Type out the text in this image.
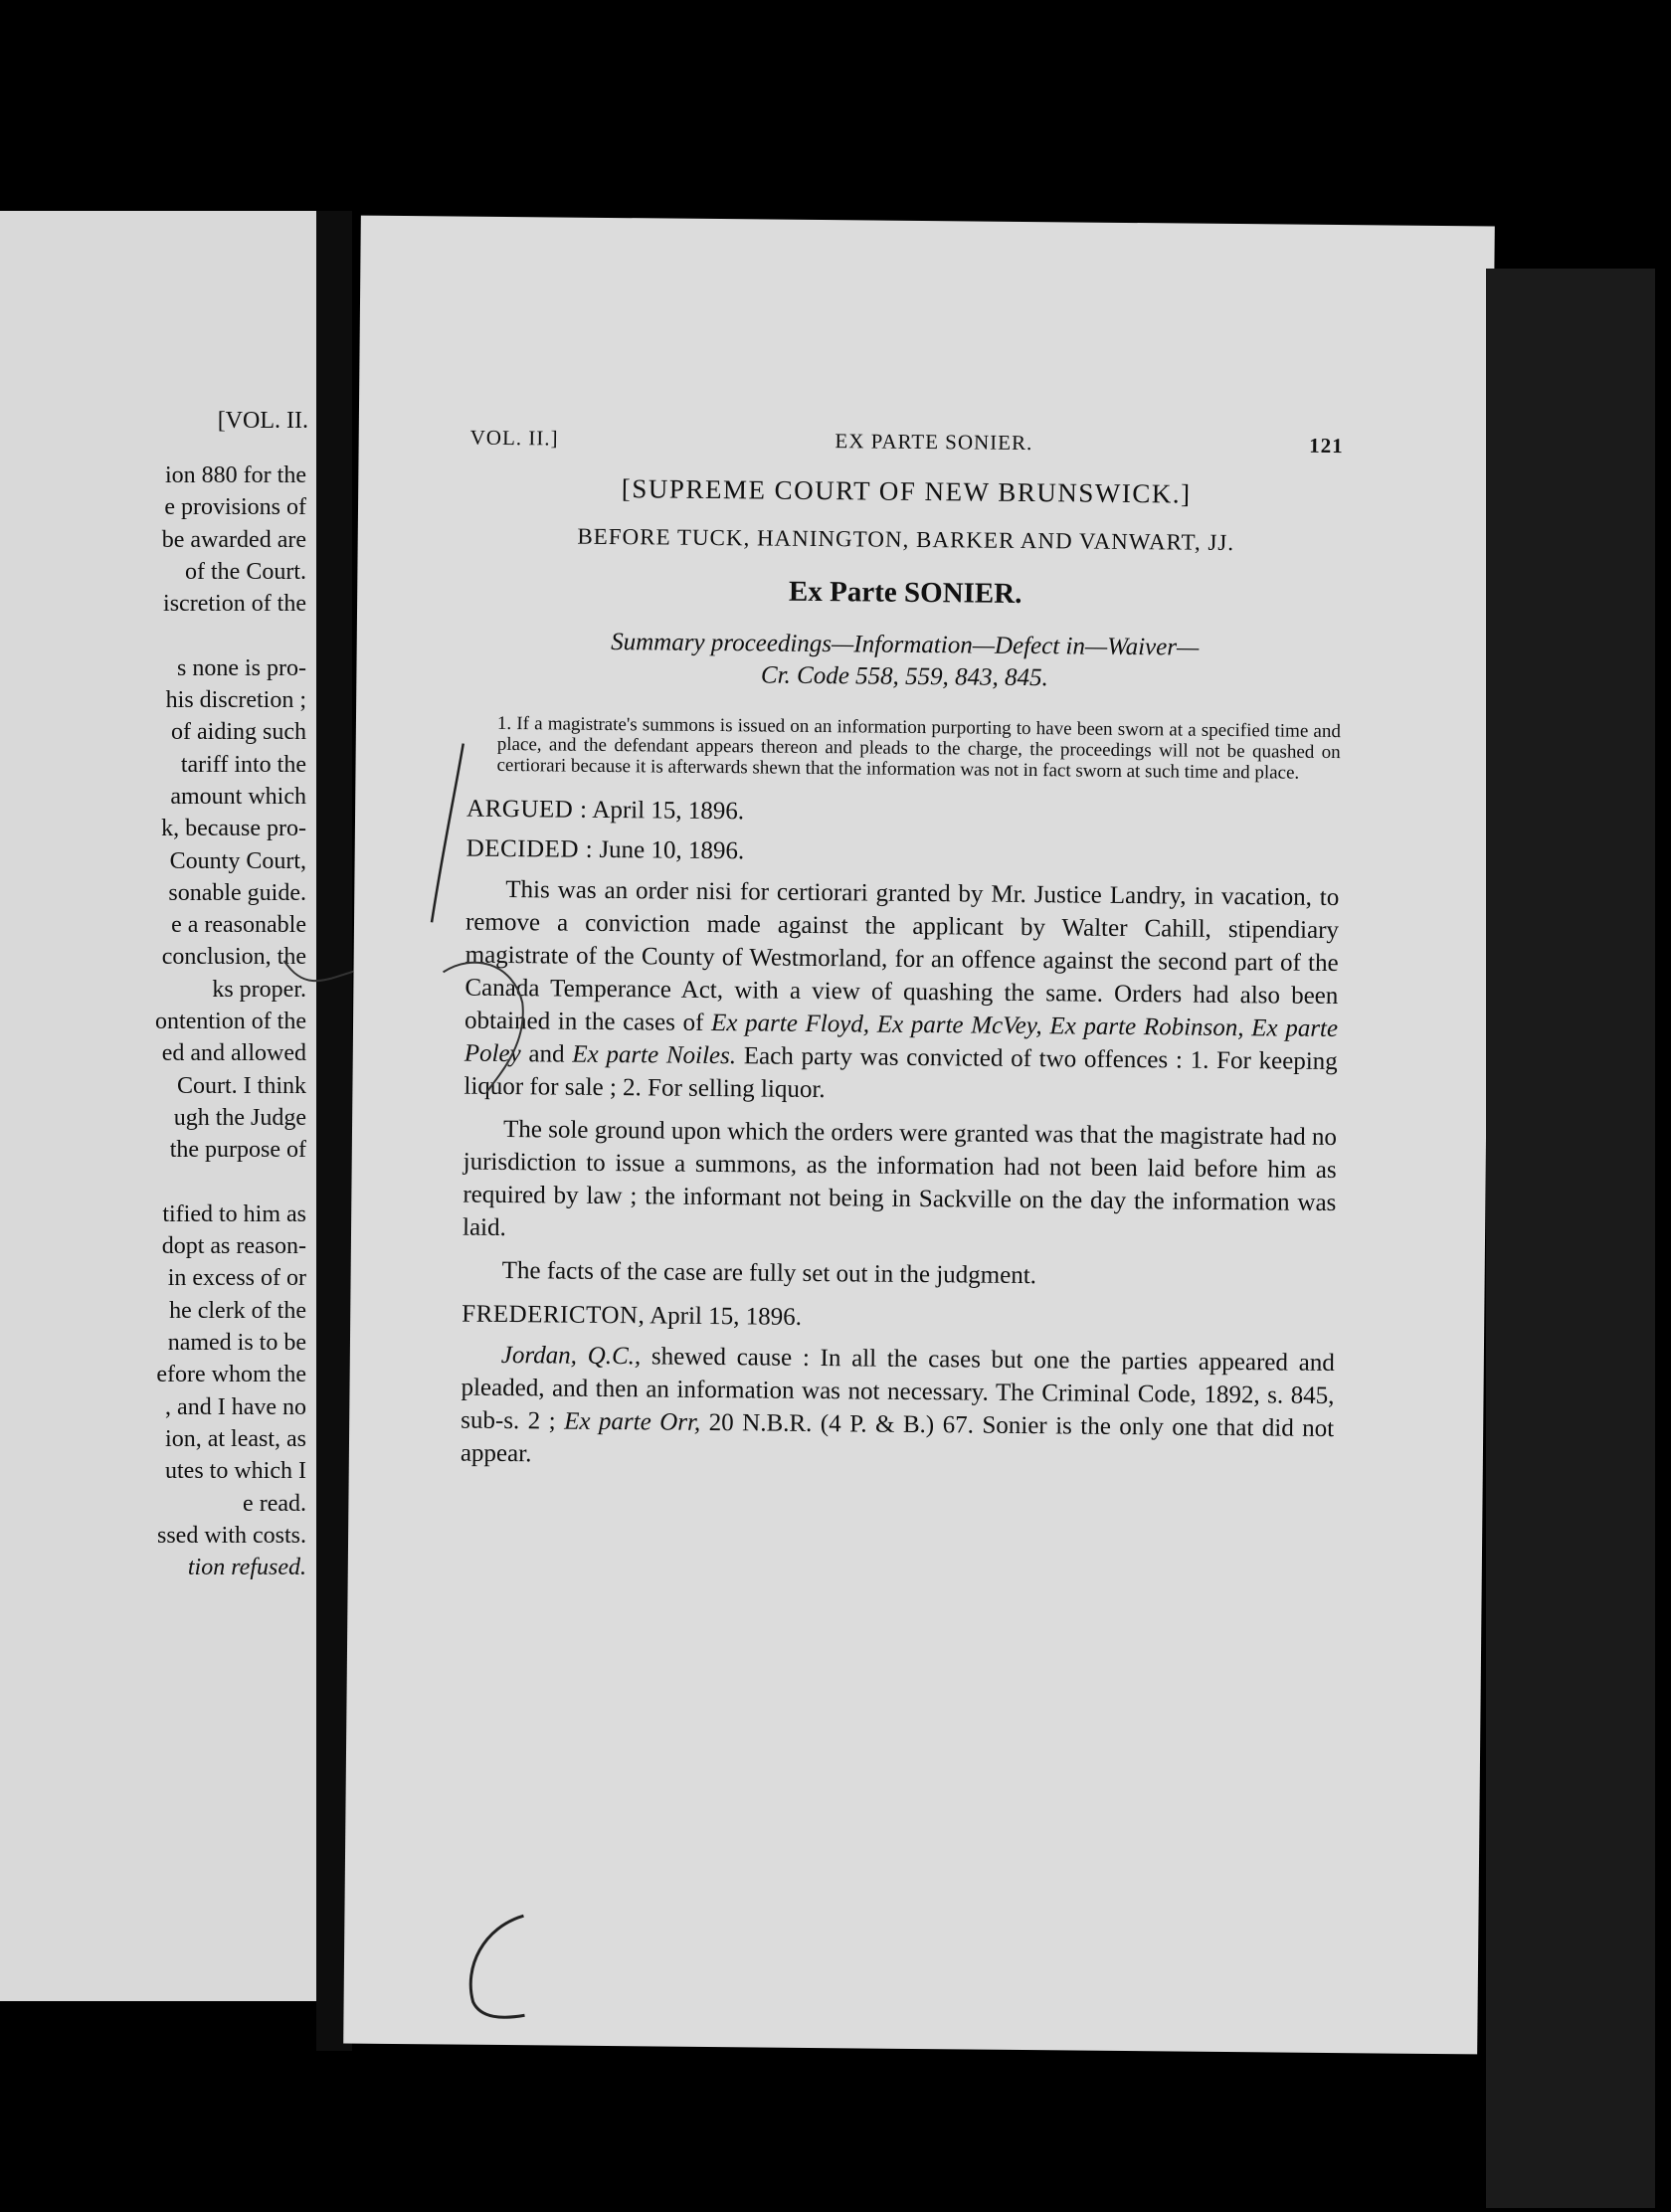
[VOL. II.
ion 880 for the
e provisions of
be awarded are
of the Court.
iscretion of the

s none is pro-
his discretion ;
of aiding such
tariff into the
amount which
k, because pro-
County Court,
sonable guide.
e a reasonable
conclusion, the
ks proper.
ontention of the
ed and allowed
Court. I think
ugh the Judge
the purpose of

tified to him as
dopt as reason-
in excess of or
he clerk of the
named is to be
efore whom the
, and I have no
ion, at least, as
utes to which I
e read.
ssed with costs.
tion refused.
VOL. II.]	EX PARTE SONIER.	121
[SUPREME COURT OF NEW BRUNSWICK.]
BEFORE TUCK, HANINGTON, BARKER AND VANWART, JJ.
Ex Parte SONIER.
Summary proceedings—Information—Defect in—Waiver—
Cr. Code 558, 559, 843, 845.
1. If a magistrate's summons is issued on an information purporting to have been sworn at a specified time and place, and the defendant appears thereon and pleads to the charge, the proceedings will not be quashed on certiorari because it is afterwards shewn that the information was not in fact sworn at such time and place.
ARGUED : April 15, 1896.
DECIDED : June 10, 1896.
This was an order nisi for certiorari granted by Mr. Justice Landry, in vacation, to remove a conviction made against the applicant by Walter Cahill, stipendiary magistrate of the County of Westmorland, for an offence against the second part of the Canada Temperance Act, with a view of quashing the same. Orders had also been obtained in the cases of Ex parte Floyd, Ex parte McVey, Ex parte Robinson, Ex parte Poley and Ex parte Noiles. Each party was convicted of two offences : 1. For keeping liquor for sale ; 2. For selling liquor.
The sole ground upon which the orders were granted was that the magistrate had no jurisdiction to issue a summons, as the information had not been laid before him as required by law ; the informant not being in Sackville on the day the information was laid.
The facts of the case are fully set out in the judgment.
FREDERICTON, April 15, 1896.
Jordan, Q.C., shewed cause : In all the cases but one the parties appeared and pleaded, and then an information was not necessary. The Criminal Code, 1892, s. 845, sub-s. 2 ; Ex parte Orr, 20 N.B.R. (4 P. & B.) 67. Sonier is the only one that did not appear.
